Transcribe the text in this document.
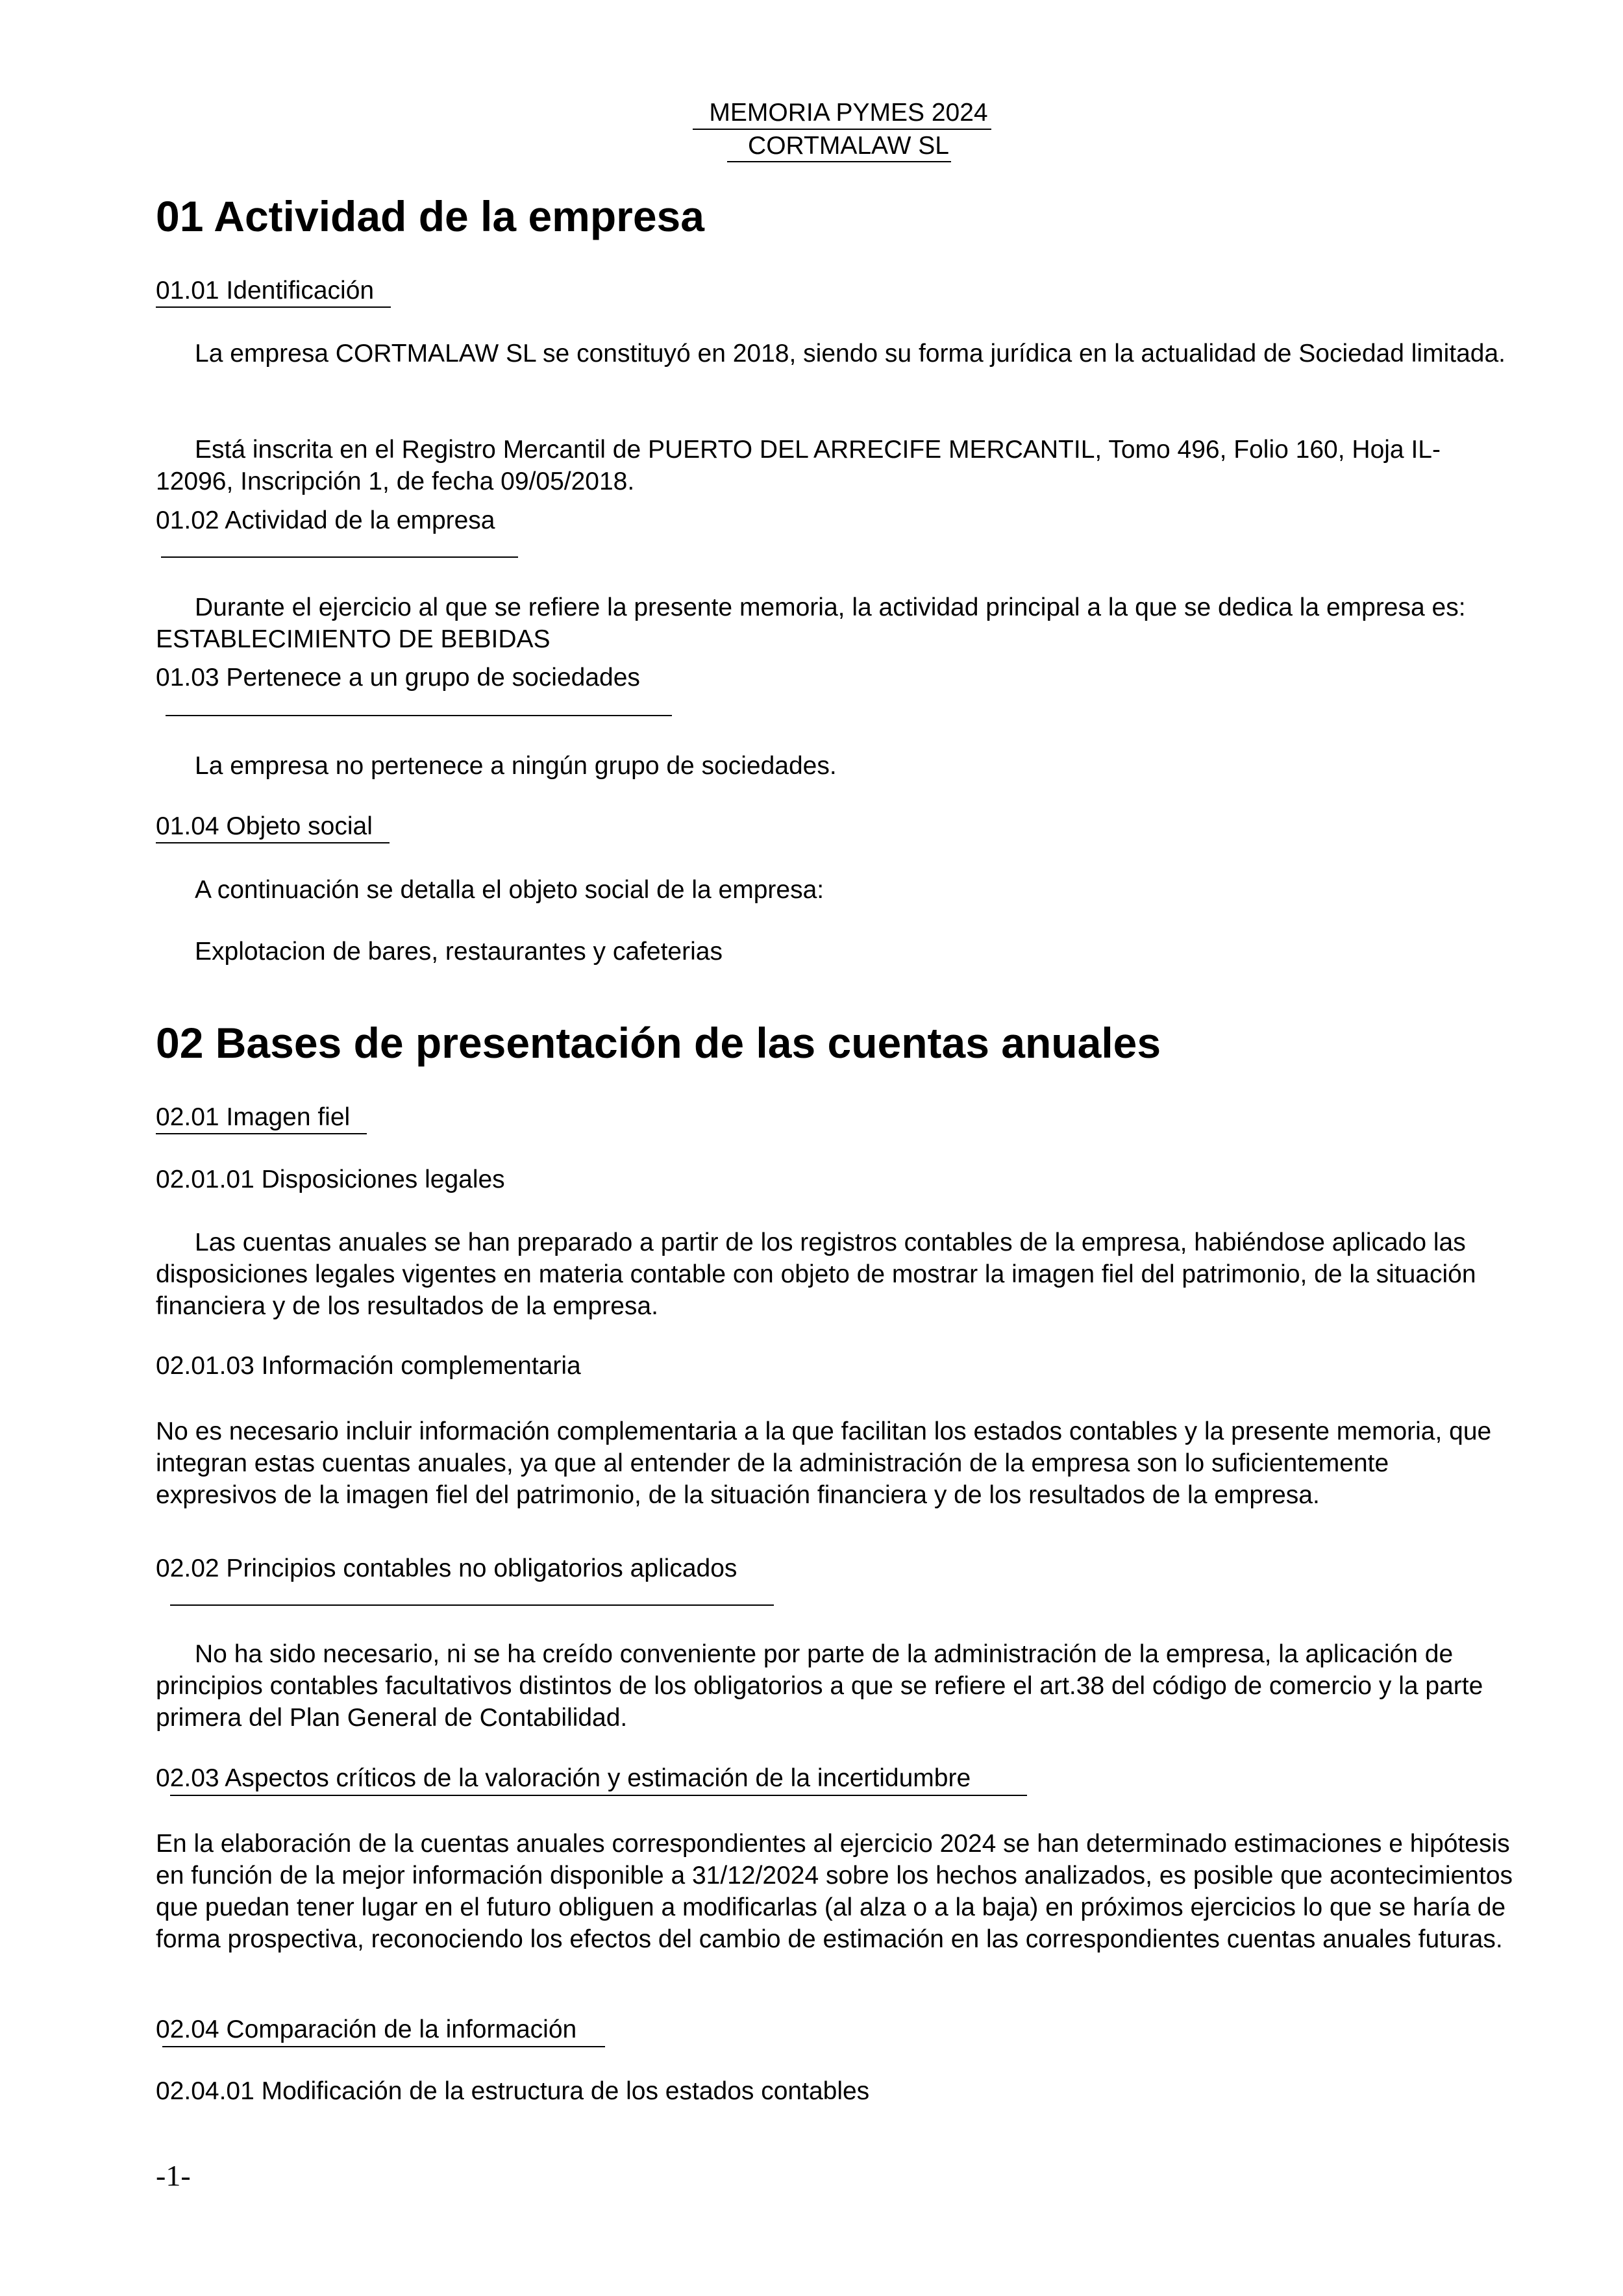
MEMORIA PYMES 2024
CORTMALAW SL
01 Actividad de la empresa
01.01 Identificación
La empresa CORTMALAW SL se constituyó en 2018, siendo su forma jurídica en la actualidad de Sociedad limitada.
Está inscrita en el Registro Mercantil de PUERTO DEL ARRECIFE MERCANTIL, Tomo 496, Folio 160, Hoja IL-12096, Inscripción 1, de fecha 09/05/2018.
01.02 Actividad de la empresa
Durante el ejercicio al que se refiere la presente memoria, la actividad principal a la que se dedica la empresa es: ESTABLECIMIENTO DE BEBIDAS
01.03 Pertenece a un grupo de sociedades
La empresa no pertenece a ningún grupo de sociedades.
01.04 Objeto social
A continuación se detalla el objeto social de la empresa:
Explotacion de bares, restaurantes y cafeterias
02 Bases de presentación de las cuentas anuales
02.01 Imagen fiel
02.01.01 Disposiciones legales
Las cuentas anuales se han preparado a partir de los registros contables de la empresa, habiéndose aplicado las disposiciones legales vigentes en materia contable con objeto de mostrar la imagen fiel del patrimonio, de la situación financiera y de los resultados de la empresa.
02.01.03 Información complementaria
No es necesario incluir información complementaria a la que facilitan los estados contables y la presente memoria, que integran estas cuentas anuales, ya que al entender de la administración de la empresa son lo suficientemente expresivos de la imagen fiel del patrimonio, de la situación financiera y de los resultados de la empresa.
02.02 Principios contables no obligatorios aplicados
No ha sido necesario, ni se ha creído conveniente por parte de la administración de la empresa, la aplicación de principios contables facultativos distintos de los obligatorios a que se refiere el art.38 del código de comercio y la parte primera del Plan General de Contabilidad.
02.03 Aspectos críticos de la valoración y estimación de la incertidumbre
En la elaboración de la cuentas anuales correspondientes al ejercicio 2024 se han determinado estimaciones e hipótesis en función de la mejor información disponible a 31/12/2024 sobre los hechos analizados, es posible que acontecimientos que puedan tener lugar en el futuro obliguen a modificarlas (al alza o a la baja) en próximos ejercicios lo que se haría de forma prospectiva, reconociendo los efectos del cambio de estimación en las correspondientes cuentas anuales futuras.
02.04 Comparación de la información
02.04.01 Modificación de la estructura de los estados contables
-1-
